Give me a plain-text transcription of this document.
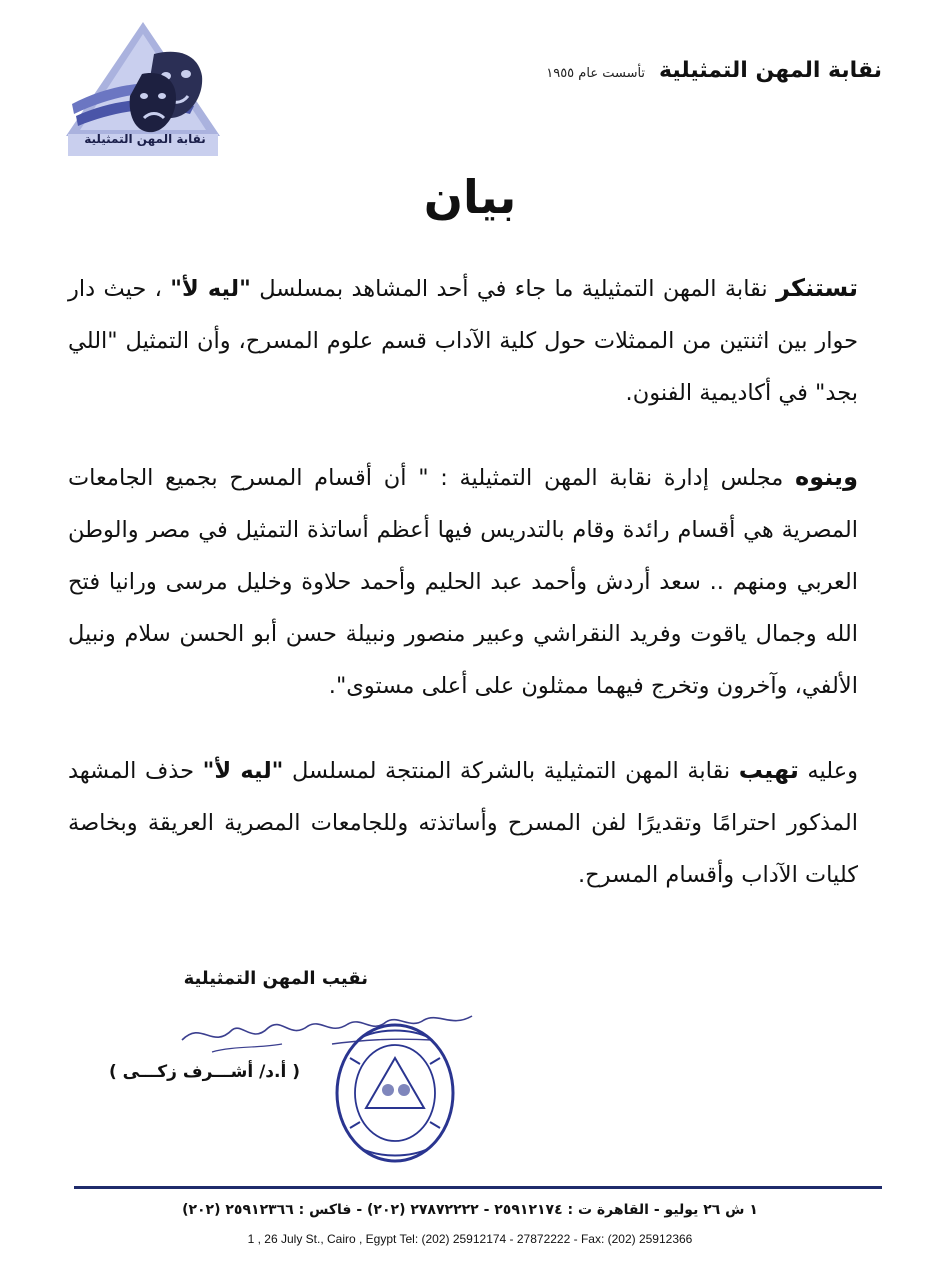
نقابة المهن التمثيلية
نقابة المهن التمثيلية
تأسست عام ١٩٥٥
بيان

تستنكر نقابة المهن التمثيلية ما جاء في أحد المشاهد بمسلسل "ليه لأ" ، حيث دار حوار بين اثنتين من الممثلات حول كلية الآداب قسم علوم المسرح، وأن التمثيل "اللي بجد" في أكاديمية الفنون.

وينوه مجلس إدارة نقابة المهن التمثيلية : " أن أقسام المسرح بجميع الجامعات المصرية هي أقسام رائدة وقام بالتدريس فيها أعظم أساتذة التمثيل في مصر والوطن العربي ومنهم .. سعد أردش وأحمد عبد الحليم وأحمد حلاوة وخليل مرسى ورانيا فتح الله وجمال ياقوت وفريد النقراشي وعبير منصور ونبيلة حسن أبو الحسن سلام ونبيل الألفي، وآخرون وتخرج فيهما ممثلون على أعلى مستوى".

وعليه تهيب نقابة المهن التمثيلية بالشركة المنتجة لمسلسل "ليه لأ" حذف المشهد المذكور احترامًا وتقديرًا لفن المسرح وأساتذته وللجامعات المصرية العريقة وبخاصة كليات الآداب وأقسام المسرح.

نقيب المهن التمثيلية
( أ.د/ أشـــرف زكـــى )
١ ش ٢٦ يوليو - القاهرة ت : ٢٥٩١٢١٧٤ - ٢٧٨٧٢٢٢٢ (٢٠٢) - فاكس : ٢٥٩١٢٣٦٦ (٢٠٢)
1 , 26 July St., Cairo , Egypt Tel: (202) 25912174 - 27872222 - Fax: (202) 25912366
